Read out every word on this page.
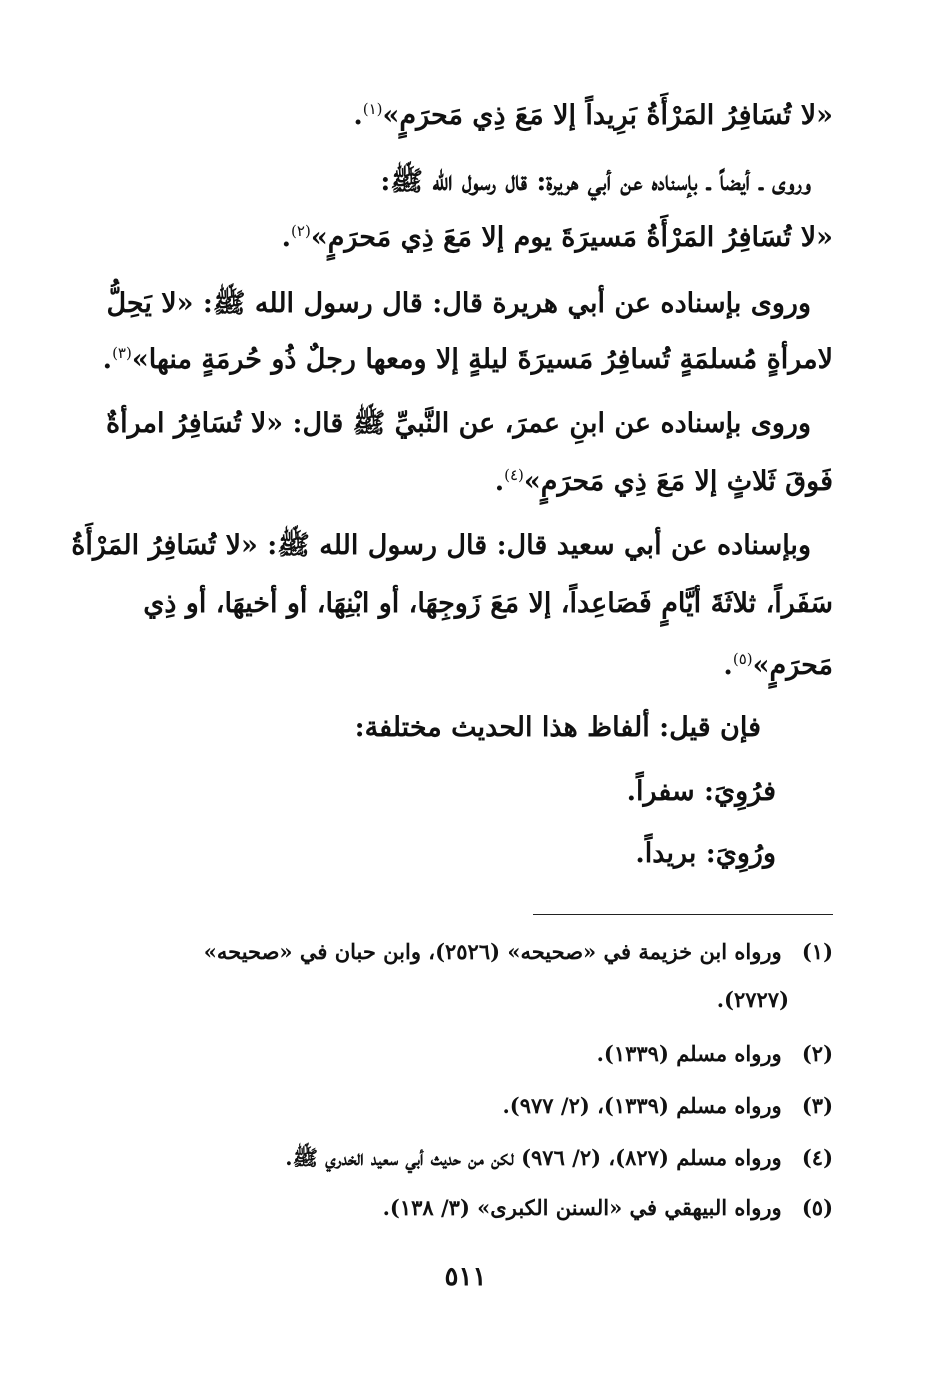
«لا تُسَافِرُ المَرْأَةُ بَرِيداً إلا مَعَ ذِي مَحرَمٍ»$^{(١)}$.
وروى ـ أيضاً ـ بإسناده عن أبي هريرة: قال رسول الله ﷺ:
«لا تُسَافِرُ المَرْأَةُ مَسيرَةَ يوم إلا مَعَ ذِي مَحرَمٍ»$^{(٢)}$.
وروى بإسناده عن أبي هريرة قال: قال رسول الله ﷺ: «لا يَحِلُّ
لامرأةٍ مُسلمَةٍ تُسافِرُ مَسيرَةَ ليلةٍ إلا ومعها رجلٌ ذُو حُرمَةٍ منها»$^{(٣)}$.
وروى بإسناده عن ابنِ عمرَ، عن النَّبيِّ ﷺ قال: «لا تُسَافِرُ امرأةٌ
فَوقَ ثَلاثٍ إلا مَعَ ذِي مَحرَمٍ»$^{(٤)}$.
وبإسناده عن أبي سعيد قال: قال رسول الله ﷺ: «لا تُسَافِرُ المَرْأَةُ
سَفَراً، ثلاثَةَ أيَّامٍ فَصَاعِداً، إلا مَعَ زَوجِهَا، أو ابْنِهَا، أو أخيهَا، أو ذِي
مَحرَمٍ»$^{(٥)}$.
فإن قيل: ألفاظ هذا الحديث مختلفة:
فرُوِيَ: سفراً.
ورُوِيَ: بريداً.
(١) ورواه ابن خزيمة في «صحيحه» (٢٥٢٦)، وابن حبان في «صحيحه»
(٢٧٢٧).
(٢) ورواه مسلم (١٣٣٩).
(٣) ورواه مسلم (١٣٣٩)، (٢/ ٩٧٧).
(٤) ورواه مسلم (٨٢٧)، (٢/ ٩٧٦) لكن من حديث أبي سعيد الخدري ﷺ.
(٥) ورواه البيهقي في «السنن الكبرى» (٣/ ١٣٨).
٥١١
